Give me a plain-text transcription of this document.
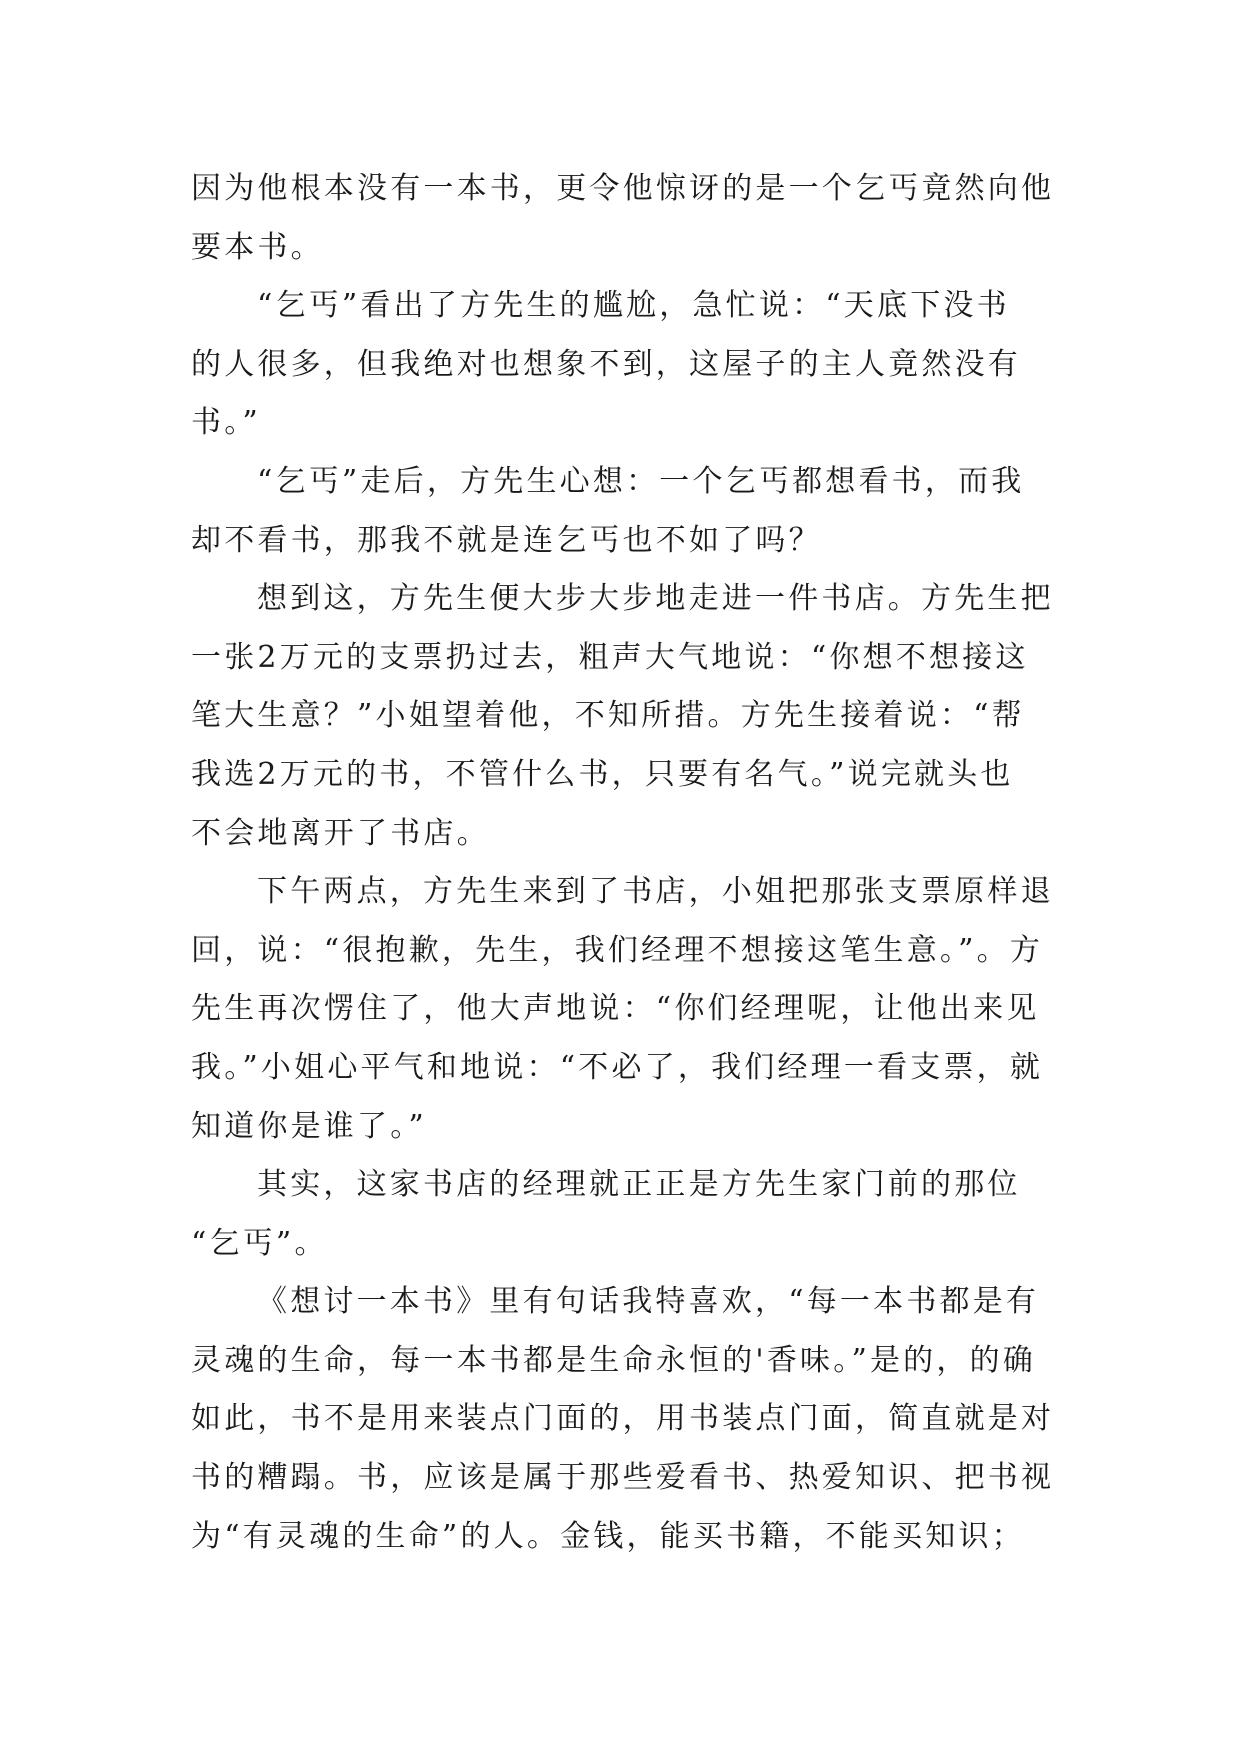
因为他根本没有一本书，更令他惊讶的是一个乞丐竟然向他
要本书。
“乞丐”看出了方先生的尴尬，急忙说：“天底下没书
的人很多，但我绝对也想象不到，这屋子的主人竟然没有
书。”
“乞丐”走后，方先生心想：一个乞丐都想看书，而我
却不看书，那我不就是连乞丐也不如了吗？
想到这，方先生便大步大步地走进一件书店。方先生把
一张2万元的支票扔过去，粗声大气地说：“你想不想接这
笔大生意？”小姐望着他，不知所措。方先生接着说：“帮
我选2万元的书，不管什么书，只要有名气。”说完就头也
不会地离开了书店。
下午两点，方先生来到了书店，小姐把那张支票原样退
回，说：“很抱歉，先生，我们经理不想接这笔生意。”。方
先生再次愣住了，他大声地说：“你们经理呢，让他出来见
我。”小姐心平气和地说：“不必了，我们经理一看支票，就
知道你是谁了。”
其实，这家书店的经理就正正是方先生家门前的那位
“乞丐”。
《想讨一本书》里有句话我特喜欢，“每一本书都是有
灵魂的生命，每一本书都是生命永恒的'香味。”是的，的确
如此，书不是用来装点门面的，用书装点门面，简直就是对
书的糟蹋。书，应该是属于那些爱看书、热爱知识、把书视
为“有灵魂的生命”的人。金钱，能买书籍，不能买知识；
